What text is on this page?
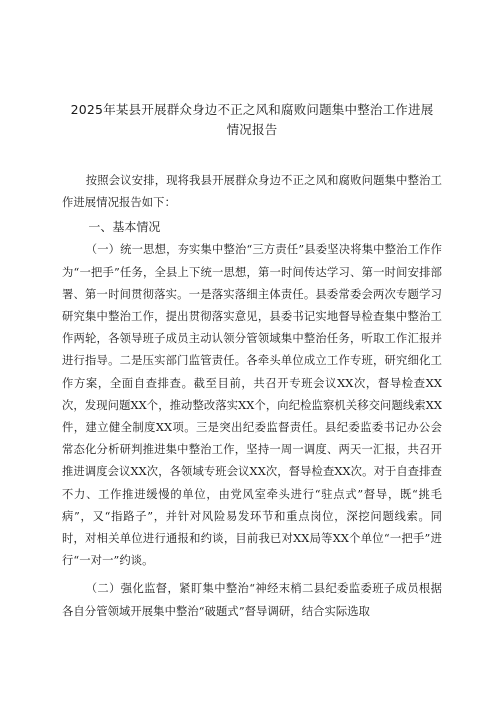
2025年某县开展群众身边不正之风和腐败问题集中整治工作进展
情况报告

按照会议安排，现将我县开展群众身边不正之风和腐败问题集中整治工作进展情况报告如下：

一、基本情况

（一）统一思想，夯实集中整治“三方责任”县委坚决将集中整治工作作为“一把手”任务，全县上下统一思想，第一时间传达学习、第一时间安排部署、第一时间贯彻落实。一是落实落细主体责任。县委常委会两次专题学习研究集中整治工作，提出贯彻落实意见，县委书记实地督导检查集中整治工作两轮，各领导班子成员主动认领分管领域集中整治任务，听取工作汇报并进行指导。二是压实部门监管责任。各牵头单位成立工作专班，研究细化工作方案，全面自查排查。截至目前，共召开专班会议XX次，督导检查XX次，发现问题XX个，推动整改落实XX个，向纪检监察机关移交问题线索XX件，建立健全制度XX项。三是突出纪委监督责任。县纪委监委书记办公会常态化分析研判推进集中整治工作，坚持一周一调度、两天一汇报，共召开推进调度会议XX次，各领域专班会议XX次，督导检查XX次。对于自查排查不力、工作推进缓慢的单位，由党风室牵头进行“驻点式”督导，既“挑毛病”，又“指路子”，并针对风险易发环节和重点岗位，深挖问题线索。同时，对相关单位进行通报和约谈，目前我已对XX局等XX个单位“一把手”进行“一对一”约谈。

（二）强化监督，紧盯集中整治“神经末梢二县纪委监委班子成员根据各自分管领域开展集中整治“破题式”督导调研，结合实际选取
